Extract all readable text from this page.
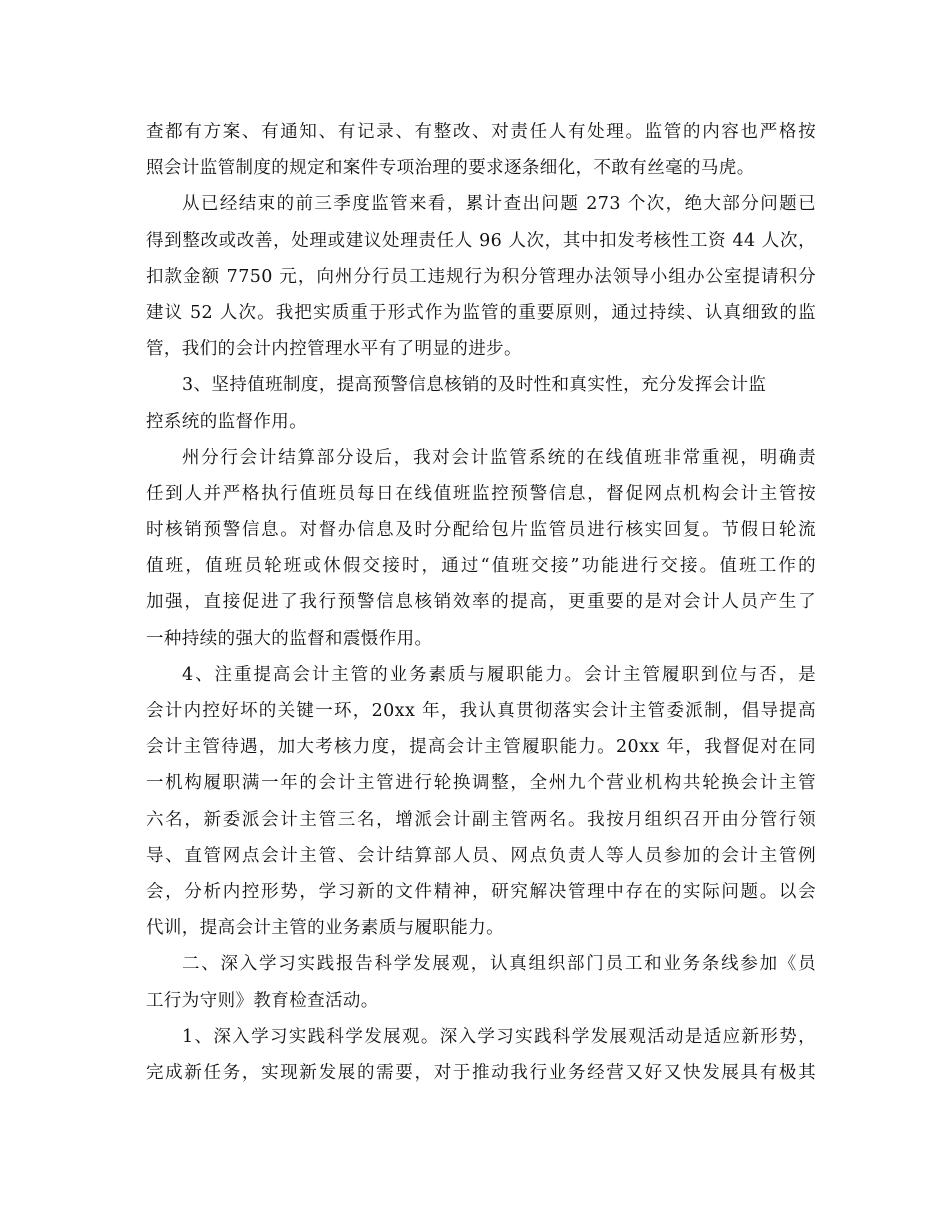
查都有方案、有通知、有记录、有整改、对责任人有处理。监管的内容也严格按
照会计监管制度的规定和案件专项治理的要求逐条细化，不敢有丝毫的马虎。
从已经结束的前三季度监管来看，累计查出问题 273 个次，绝大部分问题已
得到整改或改善，处理或建议处理责任人 96 人次，其中扣发考核性工资 44 人次，
扣款金额 7750 元，向州分行员工违规行为积分管理办法领导小组办公室提请积分
建议 52 人次。我把实质重于形式作为监管的重要原则，通过持续、认真细致的监
管，我们的会计内控管理水平有了明显的进步。
3、坚持值班制度，提高预警信息核销的及时性和真实性，充分发挥会计监
控系统的监督作用。
州分行会计结算部分设后，我对会计监管系统的在线值班非常重视，明确责
任到人并严格执行值班员每日在线值班监控预警信息，督促网点机构会计主管按
时核销预警信息。对督办信息及时分配给包片监管员进行核实回复。节假日轮流
值班，值班员轮班或休假交接时，通过“值班交接”功能进行交接。值班工作的
加强，直接促进了我行预警信息核销效率的提高，更重要的是对会计人员产生了
一种持续的强大的监督和震慑作用。
4、注重提高会计主管的业务素质与履职能力。会计主管履职到位与否，是
会计内控好坏的关键一环，20xx 年，我认真贯彻落实会计主管委派制，倡导提高
会计主管待遇，加大考核力度，提高会计主管履职能力。20xx 年，我督促对在同
一机构履职满一年的会计主管进行轮换调整，全州九个营业机构共轮换会计主管
六名，新委派会计主管三名，增派会计副主管两名。我按月组织召开由分管行领
导、直管网点会计主管、会计结算部人员、网点负责人等人员参加的会计主管例
会，分析内控形势，学习新的文件精神，研究解决管理中存在的实际问题。以会
代训，提高会计主管的业务素质与履职能力。
二、深入学习实践报告科学发展观，认真组织部门员工和业务条线参加《员
工行为守则》教育检查活动。
1、深入学习实践科学发展观。深入学习实践科学发展观活动是适应新形势，
完成新任务，实现新发展的需要，对于推动我行业务经营又好又快发展具有极其
